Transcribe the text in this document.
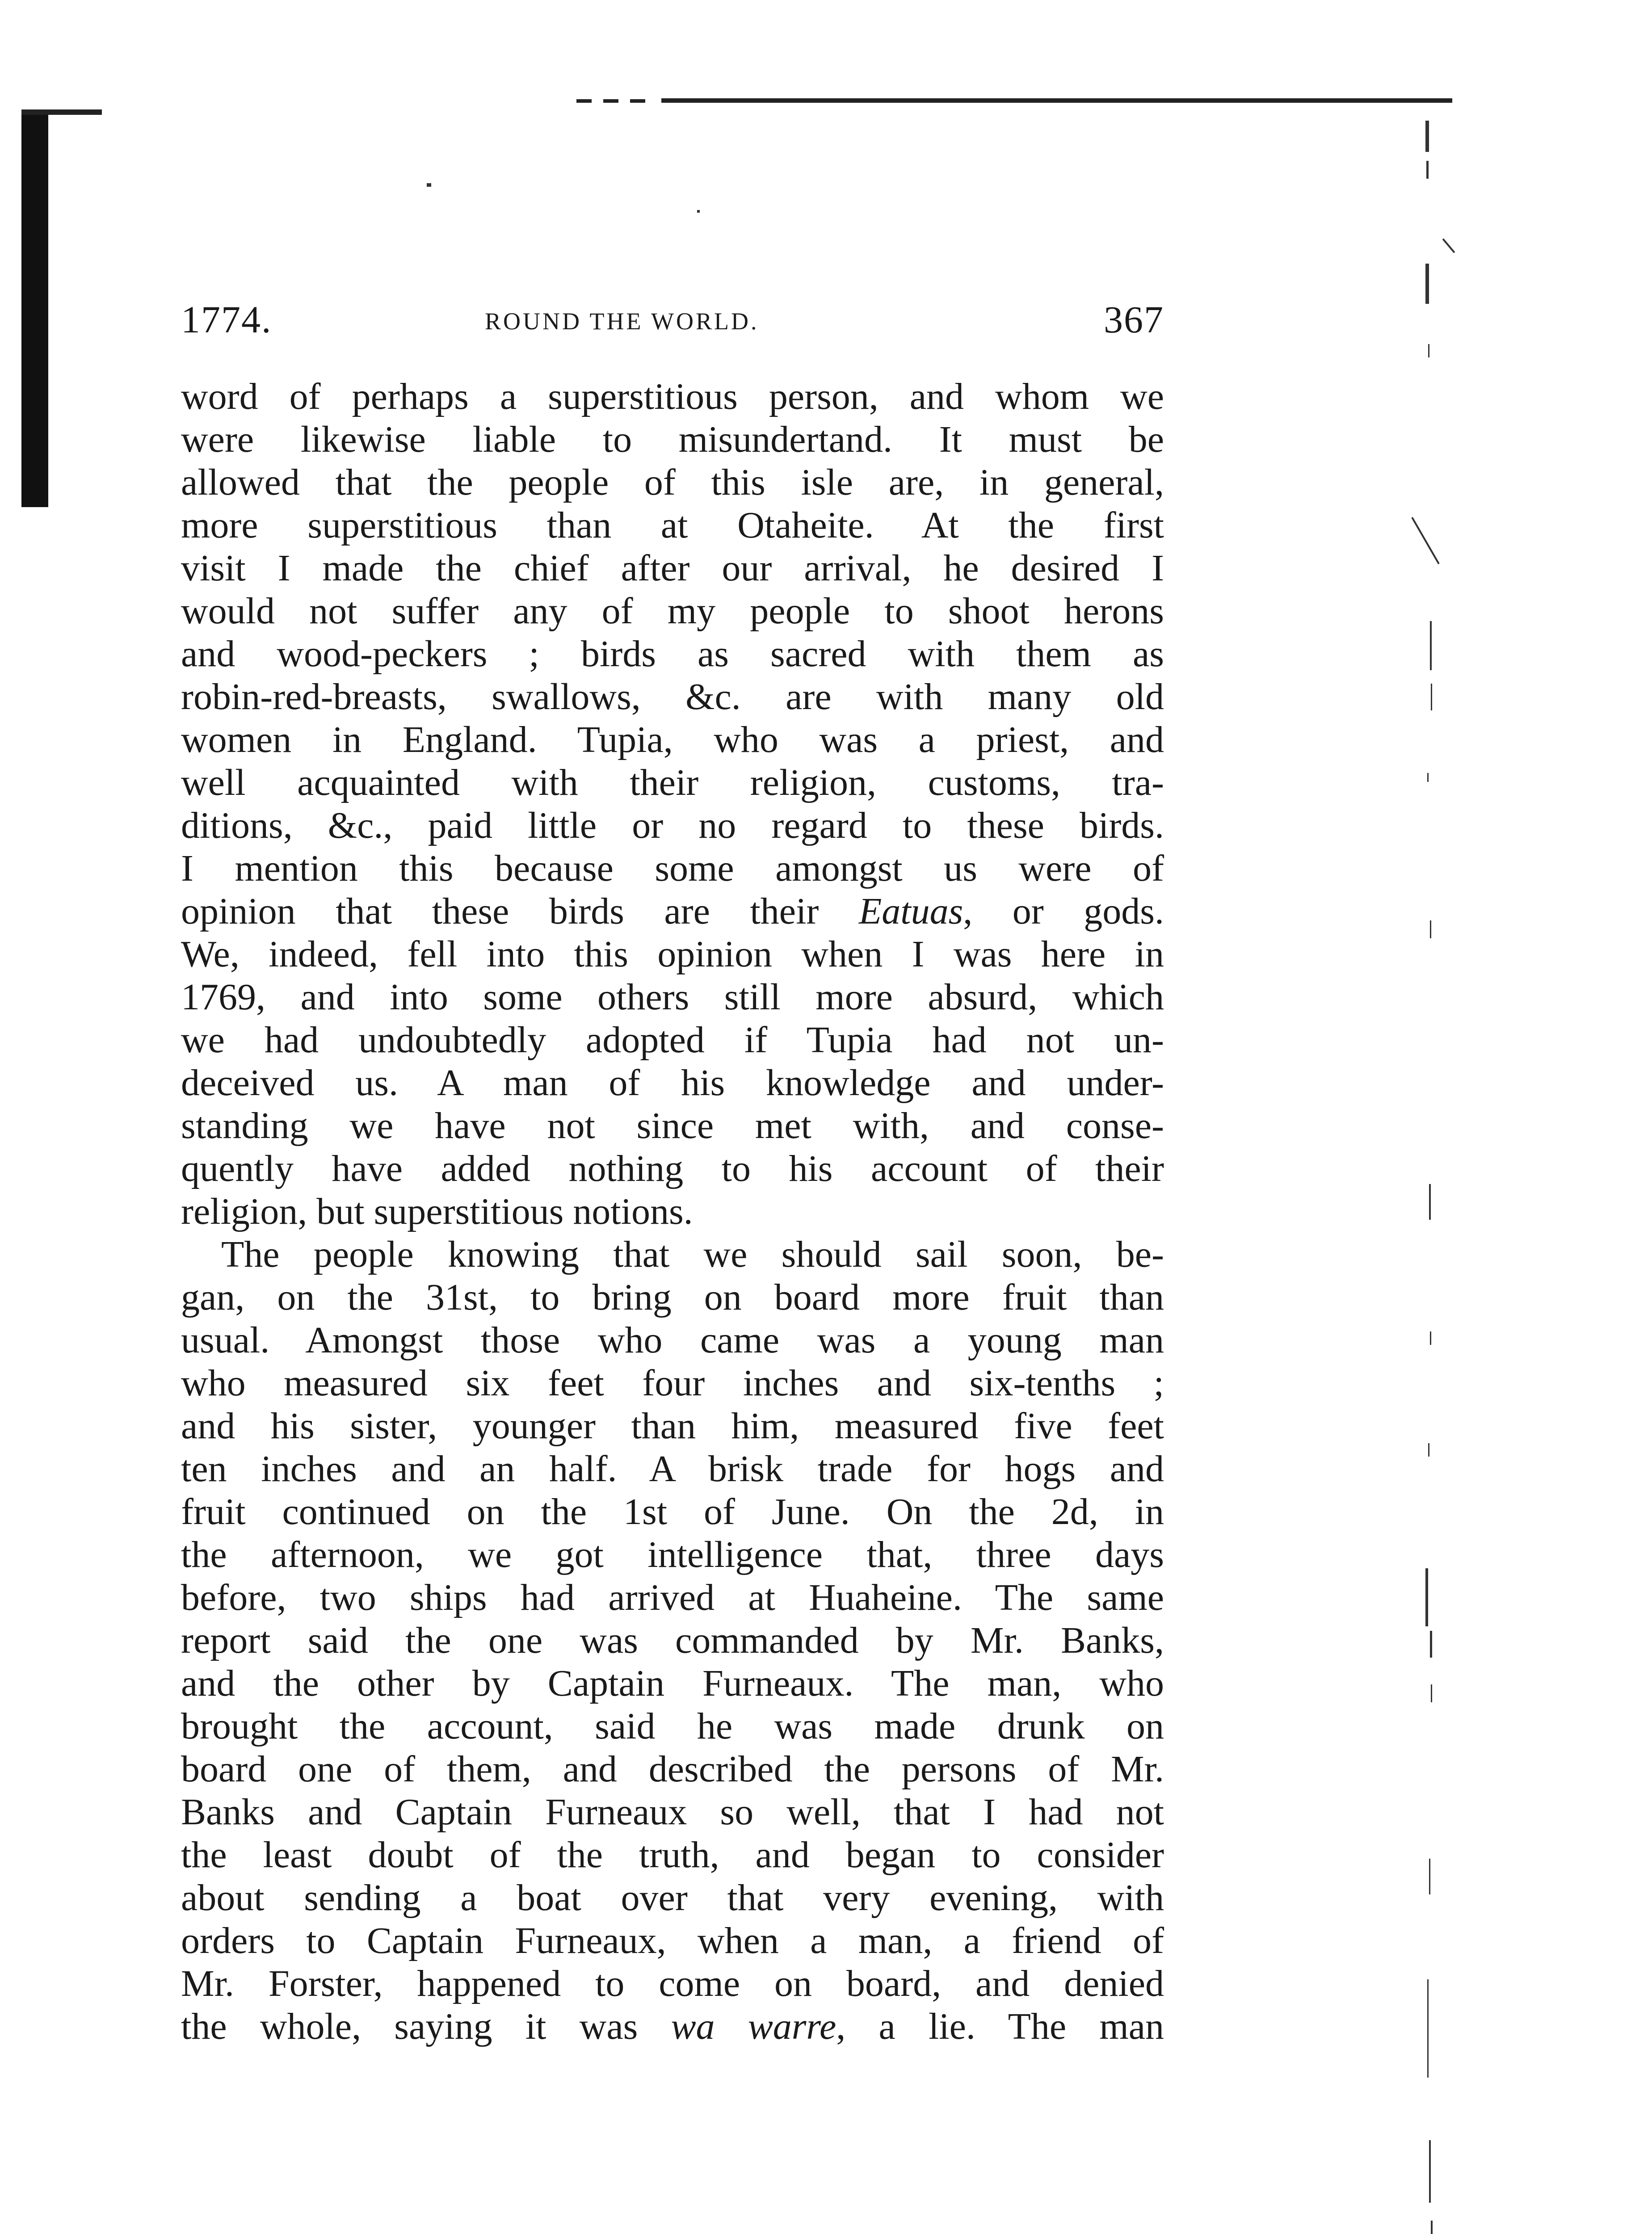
1774.	ROUND THE WORLD.	367
word of perhaps a superstitious person, and whom we
were likewise liable to misundertand. It must be
allowed that the people of this isle are, in general,
more superstitious than at Otaheite. At the first
visit I made the chief after our arrival, he desired I
would not suffer any of my people to shoot herons
and wood-peckers ; birds as sacred with them as
robin-red-breasts, swallows, &c. are with many old
women in England. Tupia, who was a priest, and
well acquainted with their religion, customs, tra-
ditions, &c., paid little or no regard to these birds.
I mention this because some amongst us were of
opinion that these birds are their Eatuas, or gods.
We, indeed, fell into this opinion when I was here in
1769, and into some others still more absurd, which
we had undoubtedly adopted if Tupia had not un-
deceived us. A man of his knowledge and under-
standing we have not since met with, and conse-
quently have added nothing to his account of their
religion, but superstitious notions.
The people knowing that we should sail soon, be-
gan, on the 31st, to bring on board more fruit than
usual. Amongst those who came was a young man
who measured six feet four inches and six-tenths ;
and his sister, younger than him, measured five feet
ten inches and an half. A brisk trade for hogs and
fruit continued on the 1st of June. On the 2d, in
the afternoon, we got intelligence that, three days
before, two ships had arrived at Huaheine. The same
report said the one was commanded by Mr. Banks,
and the other by Captain Furneaux. The man, who
brought the account, said he was made drunk on
board one of them, and described the persons of Mr.
Banks and Captain Furneaux so well, that I had not
the least doubt of the truth, and began to consider
about sending a boat over that very evening, with
orders to Captain Furneaux, when a man, a friend of
Mr. Forster, happened to come on board, and denied
the whole, saying it was wa warre, a lie. The man
